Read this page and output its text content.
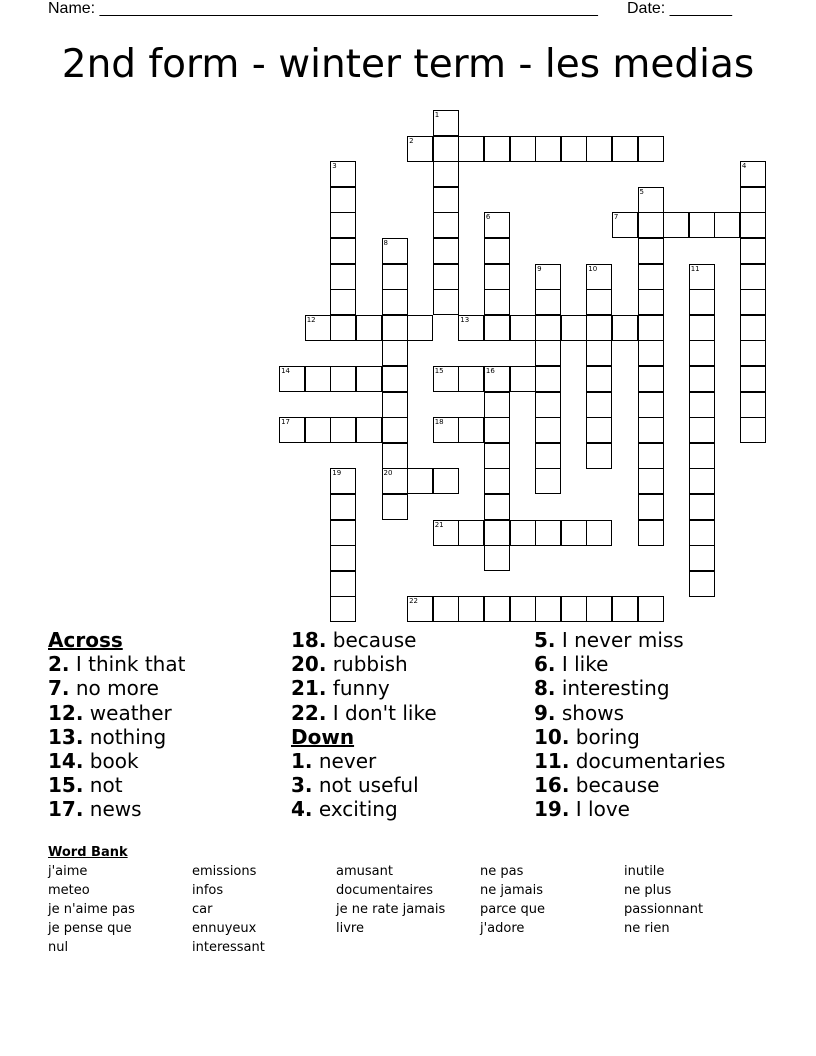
Name: ________________________________________________________ Date: _______
2nd form - winter term - les medias
1
2
3	4
5
6	7
8
20
9	10	11
12	13
14	15	16
17	18
19
21
22
Across
2. I think that
7. no more
12. weather
13. nothing
14. book
15. not
17. news
18. because
20. rubbish
21. funny
22. I don't like
Down
1. never
3. not useful
4. exciting
5. I never miss
6. I like
8. interesting
9. shows
10. boring
11. documentaries
16. because
19. I love
Word Bank
j'aime
meteo
je n'aime pas
je pense que
nul
emissions
infos
car
ennuyeux
interessant
amusant
documentaires
je ne rate jamais
livre
ne pas
ne jamais
parce que
j'adore
inutile
ne plus
passionnant
ne rien
